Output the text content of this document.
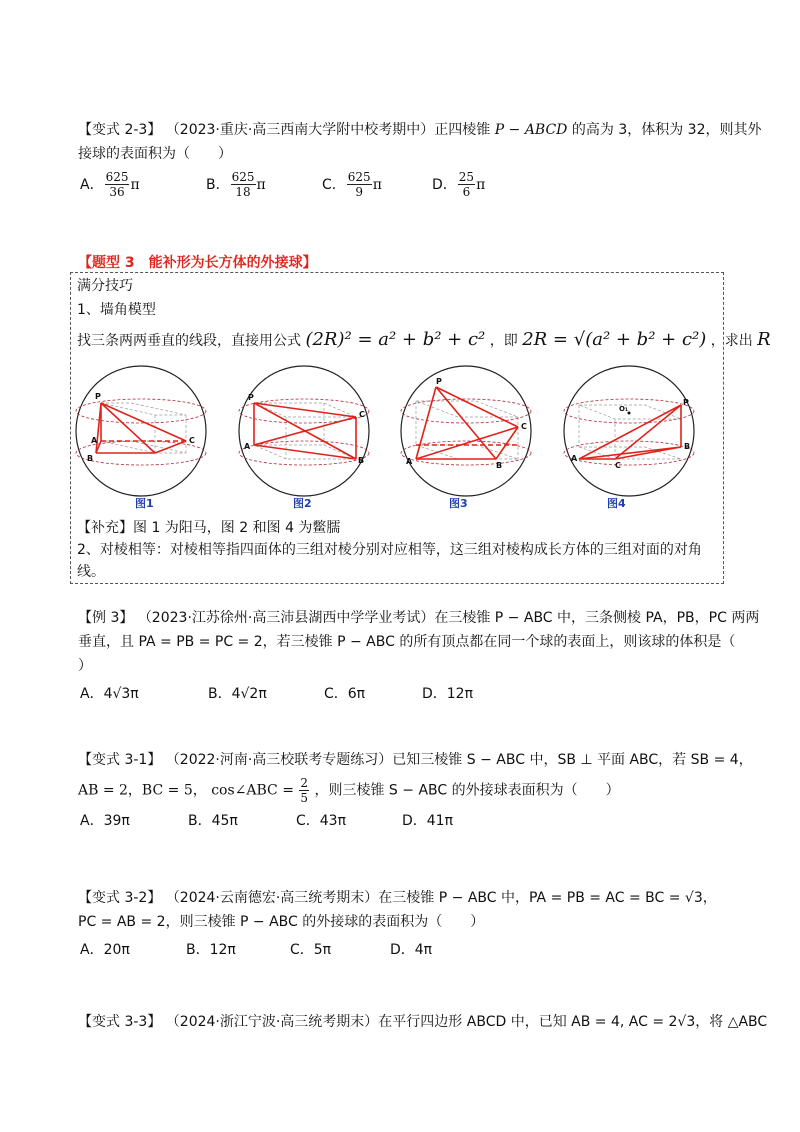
【变式 2-3】 （2023·重庆·高三西南大学附中校考期中）正四棱锥 P − ABCD 的高为 3，体积为 32，则其外
接球的表面积为（　　）
A． $\frac{625}{36}$ π	B． $\frac{625}{18}$ π	C． $\frac{625}{9}$ π	D． $\frac{25}{6}$ π
【题型 3　能补形为长方体的外接球】
满分技巧
1、墙角模型
找三条两两垂直的线段，直接用公式 (2R)² = a² + b² + c² ，即 2R = √(a² + b² + c²) ，求出 R
P
A
B
C
P
A
B
C
P
A	B
C
O₁
P
A
B
C
图1	图2	图3	图4
【补充】图 1 为阳马，图 2 和图 4 为鳖臑
2、对棱相等：对棱相等指四面体的三组对棱分别对应相等，这三组对棱构成长方体的三组对面的对角
线。
【例 3】 （2023·江苏徐州·高三沛县湖西中学学业考试）在三棱锥 P − ABC 中，三条侧棱 PA，PB，PC 两两
垂直，且 PA = PB = PC = 2，若三棱锥 P − ABC 的所有顶点都在同一个球的表面上，则该球的体积是（
）
A．4√3π	B．4√2π	C．6π	D．12π
【变式 3-1】 （2022·河南·高三校联考专题练习）已知三棱锥 S − ABC 中，SB ⊥ 平面 ABC，若 SB = 4，
AB = 2，BC = 5， cos∠ABC = $\frac{2}{5}$ ，则三棱锥 S − ABC 的外接球表面积为（　　）
A．39π	B．45π	C．43π	D．41π
【变式 3-2】 （2024·云南德宏·高三统考期末）在三棱锥 P − ABC 中，PA = PB = AC = BC = √3，
PC = AB = 2，则三棱锥 P − ABC 的外接球的表面积为（　　）
A．20π	B．12π	C．5π	D．4π
【变式 3-3】 （2024·浙江宁波·高三统考期末）在平行四边形 ABCD 中，已知 AB = 4, AC = 2√3，将 △ABC
